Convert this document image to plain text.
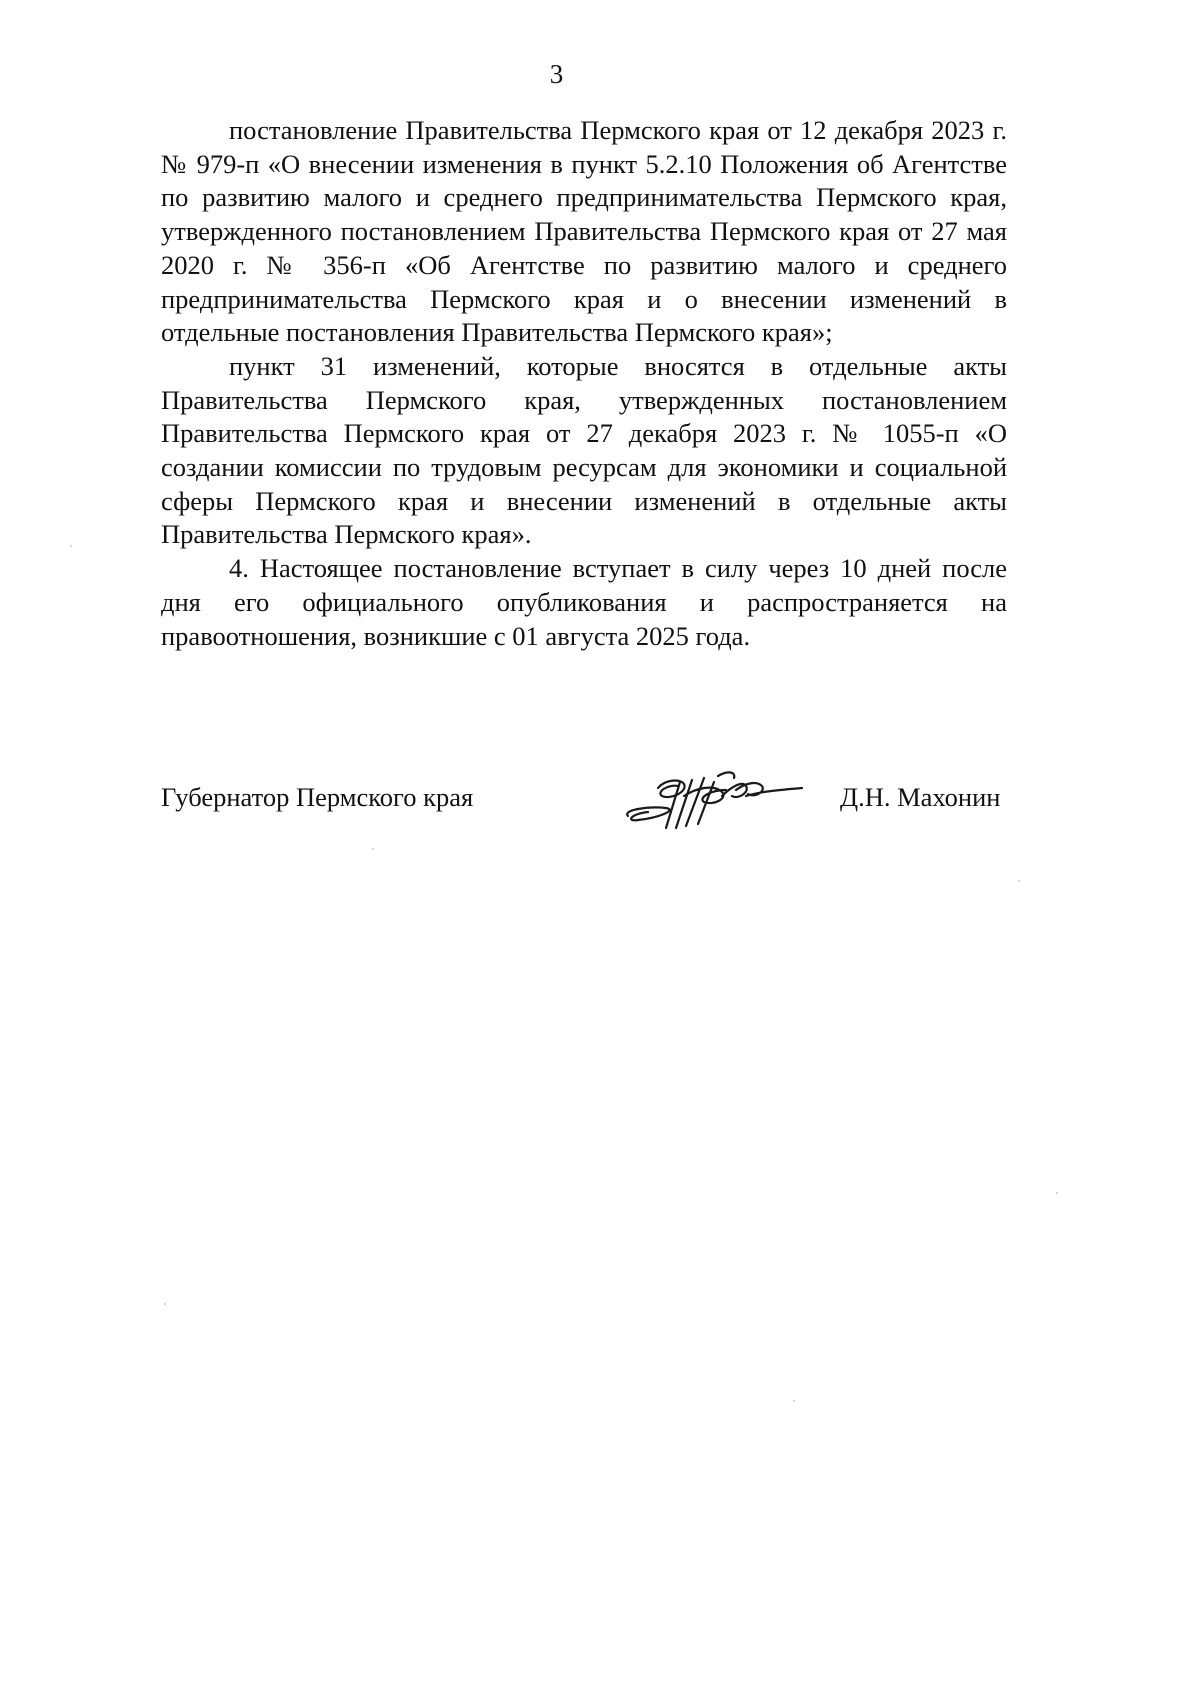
3

постановление Правительства Пермского края от 12 декабря 2023 г. № 979-п «О внесении изменения в пункт 5.2.10 Положения об Агентстве по развитию малого и среднего предпринимательства Пермского края, утвержденного постановлением Правительства Пермского края от 27 мая 2020 г. № 356-п «Об Агентстве по развитию малого и среднего предпринимательства Пермского края и о внесении изменений в отдельные постановления Правительства Пермского края»;

пункт 31 изменений, которые вносятся в отдельные акты Правительства Пермского края, утвержденных постановлением Правительства Пермского края от 27 декабря 2023 г. № 1055-п «О создании комиссии по трудовым ресурсам для экономики и социальной сферы Пермского края и внесении изменений в отдельные акты Правительства Пермского края».

4. Настоящее постановление вступает в силу через 10 дней после дня его официального опубликования и распространяется на правоотношения, возникшие с 01 августа 2025 года.

Губернатор Пермского края	Д.Н. Махонин
